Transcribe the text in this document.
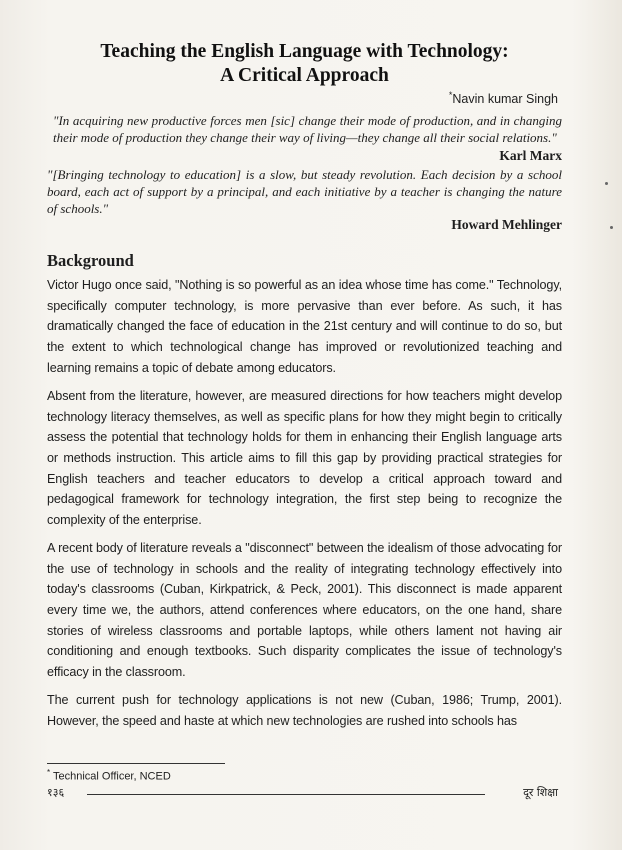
Teaching the English Language with Technology:
A Critical Approach
*Navin kumar Singh

"In acquiring new productive forces men [sic] change their mode of production, and in changing their mode of production they change their way of living—they change all their social relations."

Karl Marx

"[Bringing technology to education] is a slow, but steady revolution. Each decision by a school board, each act of support by a principal, and each initiative by a teacher is changing the nature of schools."

Howard Mehlinger

Background

Victor Hugo once said, "Nothing is so powerful as an idea whose time has come." Technology, specifically computer technology, is more pervasive than ever before. As such, it has dramatically changed the face of education in the 21st century and will continue to do so, but the extent to which technological change has improved or revolutionized teaching and learning remains a topic of debate among educators.

Absent from the literature, however, are measured directions for how teachers might develop technology literacy themselves, as well as specific plans for how they might begin to critically assess the potential that technology holds for them in enhancing their English language arts or methods instruction. This article aims to fill this gap by providing practical strategies for English teachers and teacher educators to develop a critical approach toward and pedagogical framework for technology integration, the first step being to recognize the complexity of the enterprise.

A recent body of literature reveals a "disconnect" between the idealism of those advocating for the use of technology in schools and the reality of integrating technology effectively into today's classrooms (Cuban, Kirkpatrick, & Peck, 2001). This disconnect is made apparent every time we, the authors, attend conferences where educators, on the one hand, share stories of wireless classrooms and portable laptops, while others lament not having air conditioning and enough textbooks. Such disparity complicates the issue of technology's efficacy in the classroom.

The current push for technology applications is not new (Cuban, 1986; Trump, 2001). However, the speed and haste at which new technologies are rushed into schools has

* Technical Officer, NCED
१३६	दूर शिक्षा
